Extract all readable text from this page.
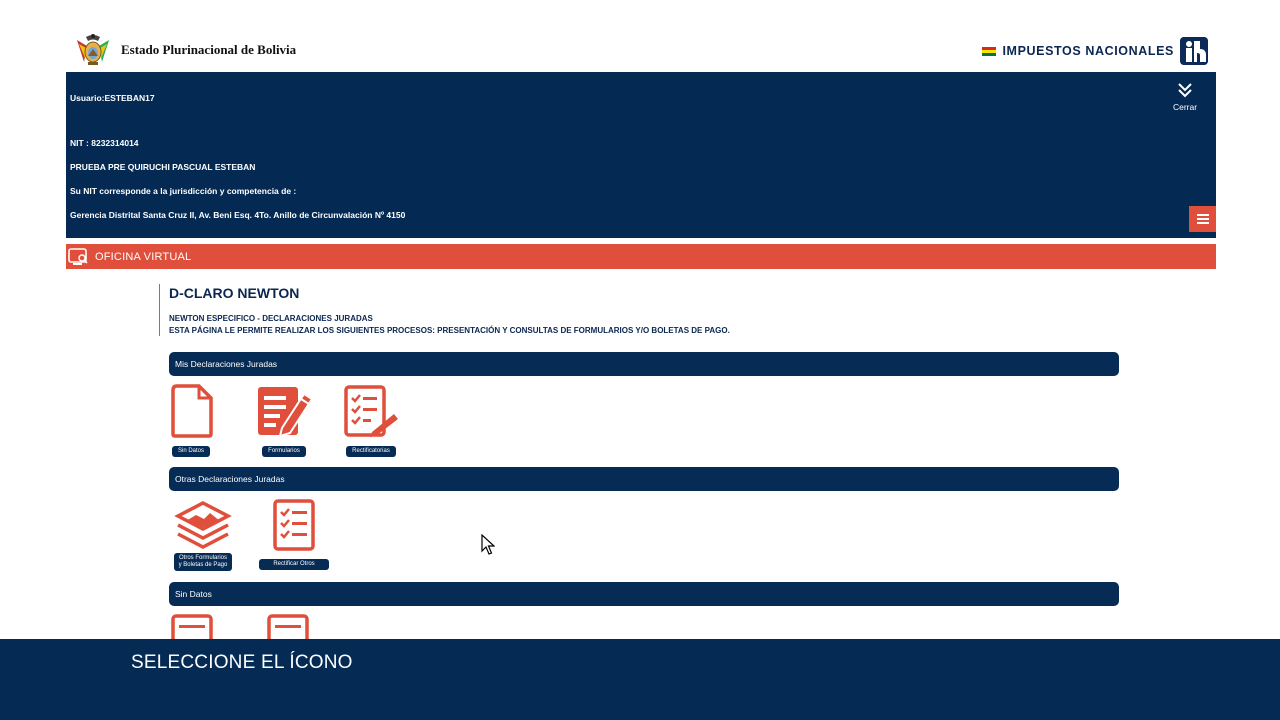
Estado Plurinacional de Bolivia	IMPUESTOS NACIONALES
Usuario:ESTEBAN17
NIT : 8232314014
PRUEBA PRE QUIRUCHI PASCUAL ESTEBAN
Su NIT corresponde a la jurisdicción y competencia de :
Gerencia Distrital Santa Cruz II, Av. Beni Esq. 4To. Anillo de Circunvalación Nº 4150
Cerrar
OFICINA VIRTUAL
D-CLARO NEWTON
NEWTON ESPECIFICO - DECLARACIONES JURADAS
ESTA PÁGINA LE PERMITE REALIZAR LOS SIGUIENTES PROCESOS: PRESENTACIÓN Y CONSULTAS DE FORMULARIOS Y/O BOLETAS DE PAGO.
Mis Declaraciones Juradas
Sin Datos	Formularios	Rectificatorias
Otras Declaraciones Juradas
Otros Formularios
y Boletas de Pago	Rectificar Otros
Sin Datos
SELECCIONE EL ÍCONO
